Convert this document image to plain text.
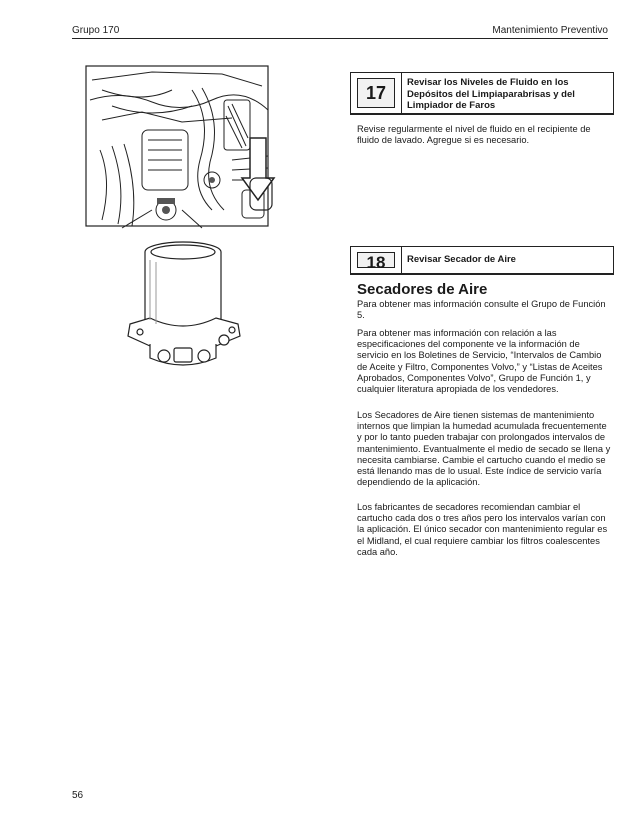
Grupo 170	Mantenimiento Preventivo
17
Revisar los Niveles de Fluido en los Depósitos del Limpiaparabrisas y del Limpiador de Faros
Revise regularmente el nivel de fluido en el recipiente de fluido de lavado. Agregue si es necesario.
18	Revisar Secador de Aire
Secadores de Aire
Para obtener mas información consulte el Grupo de Función 5.
Para obtener mas información con relación a las especificaciones del componente ve la información de servicio en los Boletines de Servicio, “Intervalos de Cambio de Aceite y Filtro, Componentes Volvo,” y “Listas de Aceites Aprobados, Componentes Volvo”, Grupo de Función 1, y cualquier literatura apropiada de los vendedores.
Los Secadores de Aire tienen sistemas de mantenimiento internos que limpian la humedad acumulada frecuentemente y por lo tanto pueden trabajar con prolongados intervalos de mantenimiento. Evantualmente el medio de secado se llena y necesita cambiarse. Cambie el cartucho cuando el medio se está llenando mas de lo usual. Este índice de servicio varía dependiendo de la aplicación.
Los fabricantes de secadores recomiendan cambiar el cartucho cada dos o tres años pero los intervalos varían con la aplicación. El único secador con mantenimiento regular es el Midland, el cual requiere cambiar los filtros coalescentes cada año.
56
